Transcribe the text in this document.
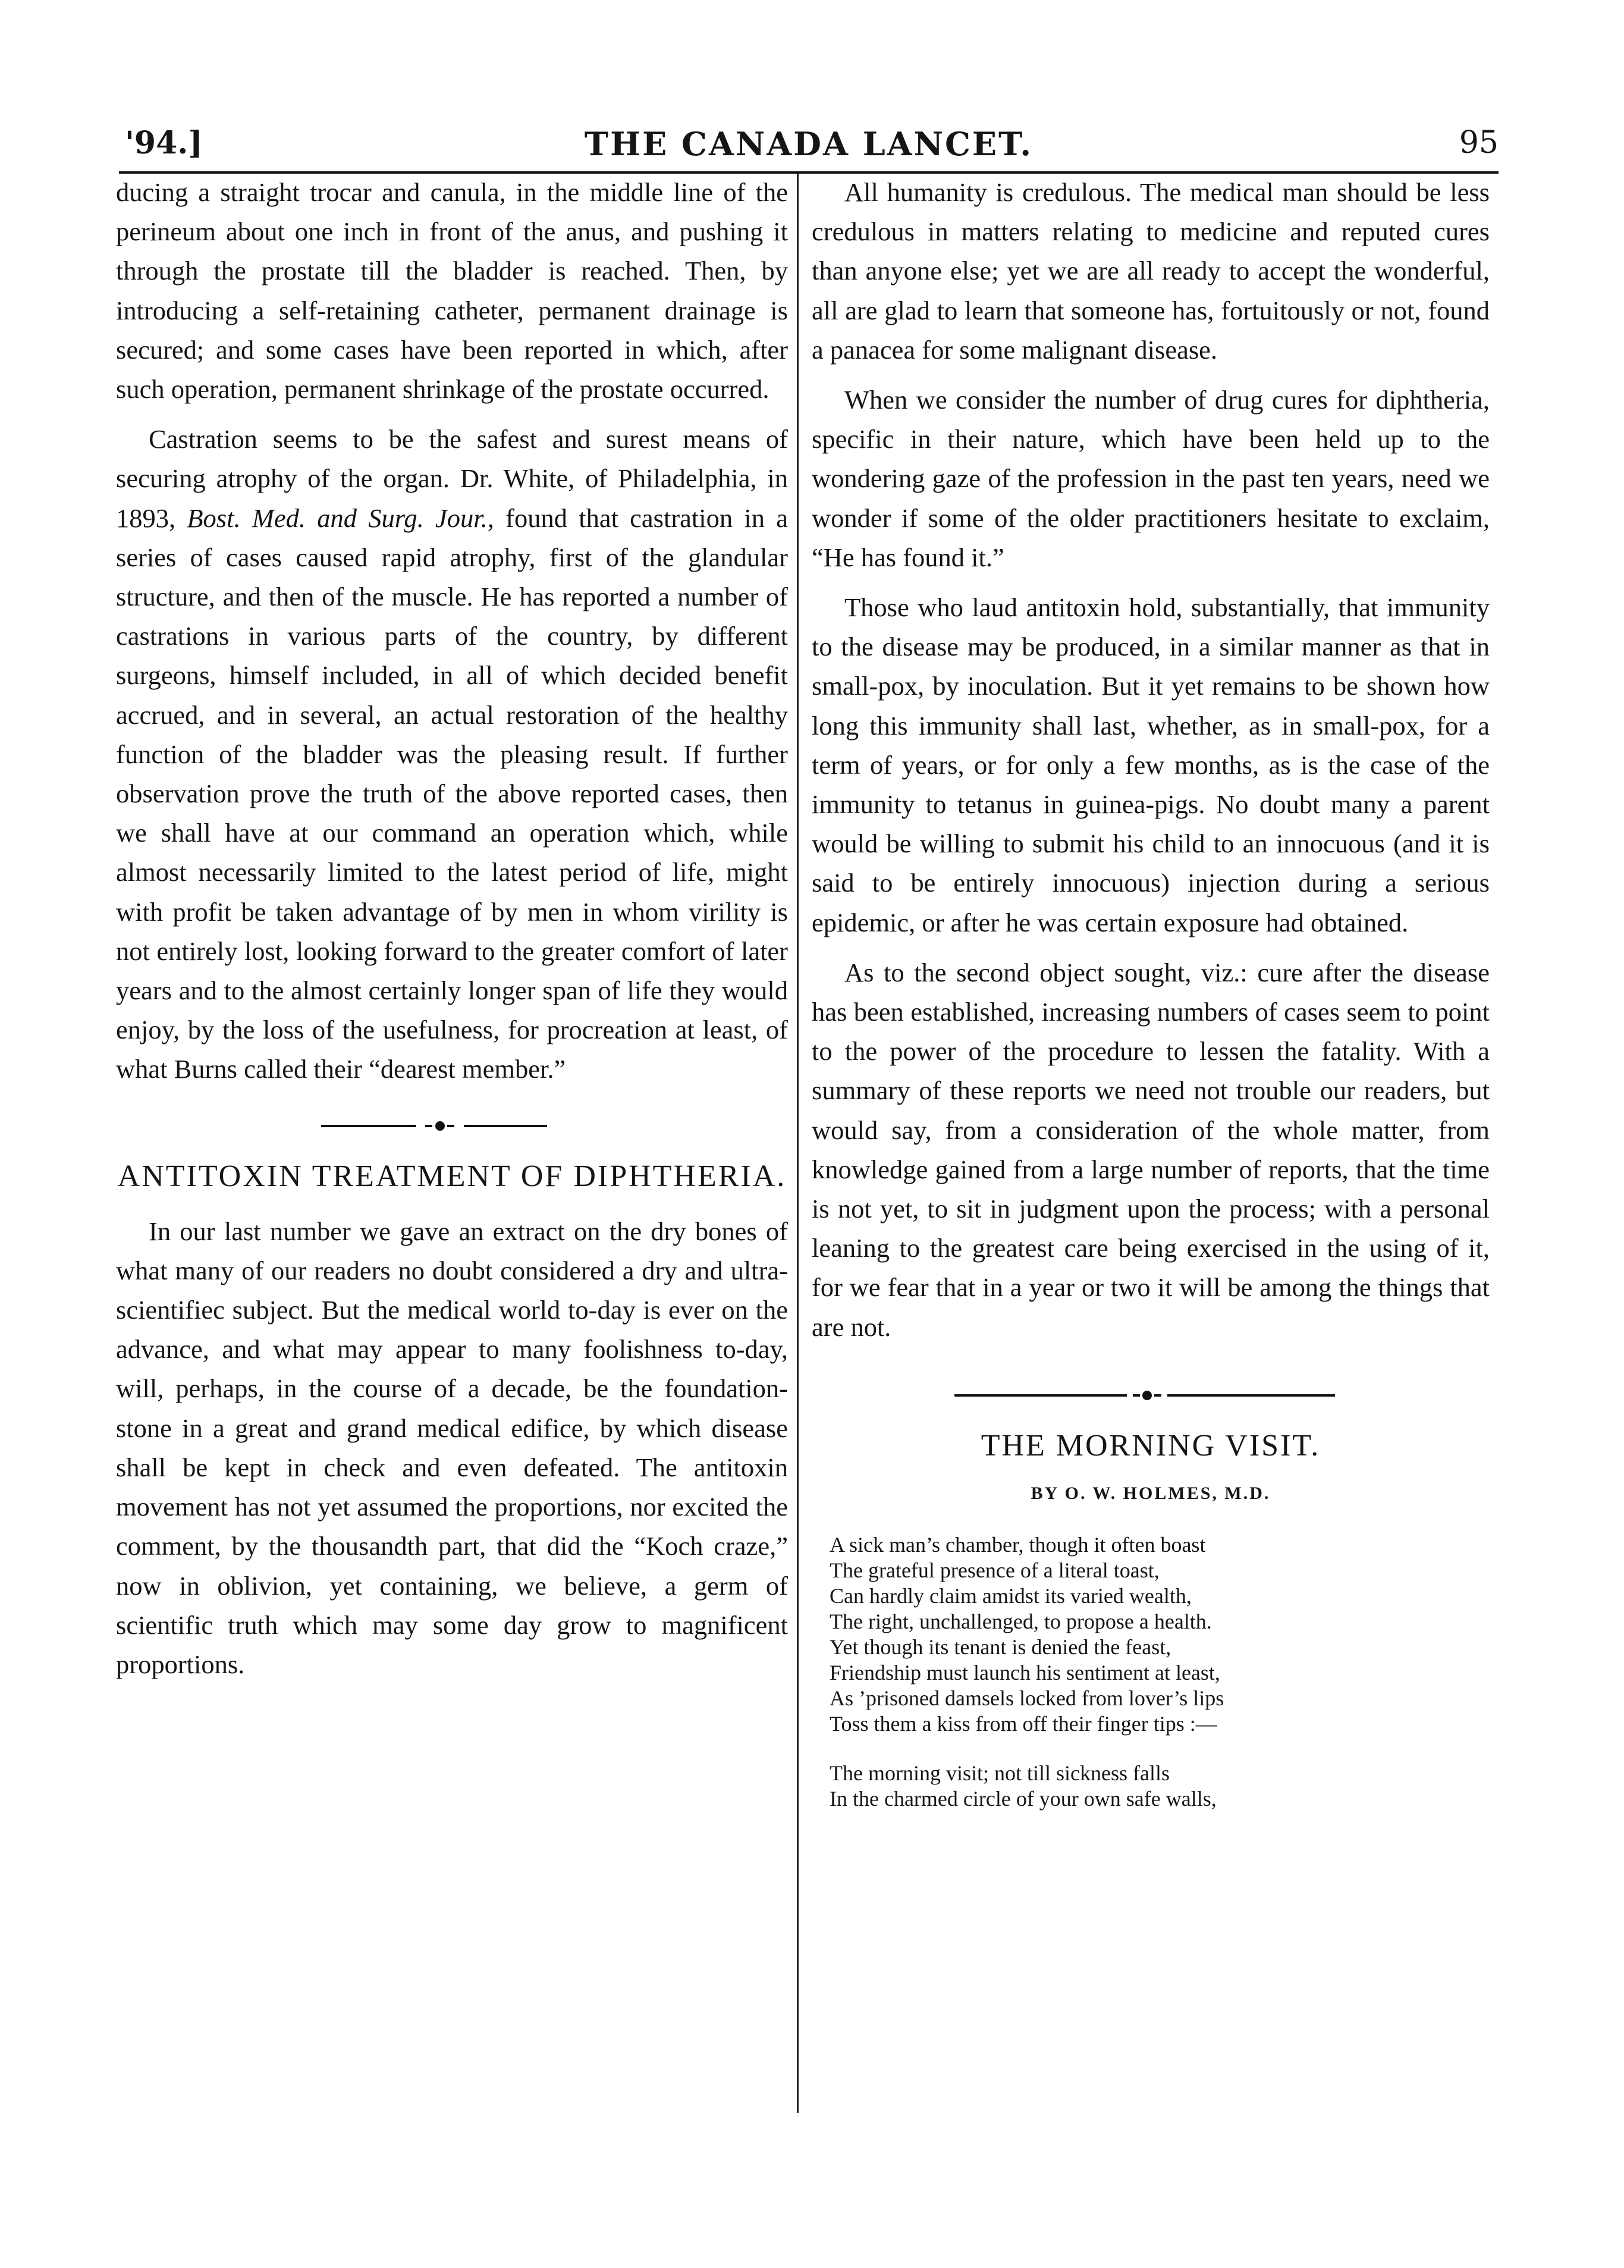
'94.]	THE CANADA LANCET.	95

ducing a straight trocar and canula, in the middle line of the perineum about one inch in front of the anus, and pushing it through the prostate till the bladder is reached. Then, by introducing a self-retaining catheter, permanent drainage is secured; and some cases have been reported in which, after such operation, permanent shrinkage of the prostate occurred.

Castration seems to be the safest and surest means of securing atrophy of the organ. Dr. White, of Philadelphia, in 1893, Bost. Med. and Surg. Jour., found that castration in a series of cases caused rapid atrophy, first of the glandular structure, and then of the muscle. He has reported a number of castrations in various parts of the country, by different surgeons, himself included, in all of which decided benefit accrued, and in several, an actual restoration of the healthy function of the bladder was the pleasing result. If further observation prove the truth of the above reported cases, then we shall have at our command an operation which, while almost necessarily limited to the latest period of life, might with profit be taken advantage of by men in whom virility is not entirely lost, looking forward to the greater comfort of later years and to the almost certainly longer span of life they would enjoy, by the loss of the usefulness, for procreation at least, of what Burns called their “dearest member.”

ANTITOXIN TREATMENT OF DIPHTHERIA.

In our last number we gave an extract on the dry bones of what many of our readers no doubt considered a dry and ultra-scientifiec subject. But the medical world to-day is ever on the advance, and what may appear to many foolishness to-day, will, perhaps, in the course of a decade, be the foundation-stone in a great and grand medical edifice, by which disease shall be kept in check and even defeated. The antitoxin movement has not yet assumed the proportions, nor excited the comment, by the thousandth part, that did the “Koch craze,” now in oblivion, yet containing, we believe, a germ of scientific truth which may some day grow to magnificent proportions.

All humanity is credulous. The medical man should be less credulous in matters relating to medicine and reputed cures than anyone else; yet we are all ready to accept the wonderful, all are glad to learn that someone has, fortuitously or not, found a panacea for some malignant disease.

When we consider the number of drug cures for diphtheria, specific in their nature, which have been held up to the wondering gaze of the profession in the past ten years, need we wonder if some of the older practitioners hesitate to exclaim, “He has found it.”

Those who laud antitoxin hold, substantially, that immunity to the disease may be produced, in a similar manner as that in small-pox, by inoculation. But it yet remains to be shown how long this immunity shall last, whether, as in small-pox, for a term of years, or for only a few months, as is the case of the immunity to tetanus in guinea-pigs. No doubt many a parent would be willing to submit his child to an innocuous (and it is said to be entirely innocuous) injection during a serious epidemic, or after he was certain exposure had obtained.

As to the second object sought, viz.: cure after the disease has been established, increasing numbers of cases seem to point to the power of the procedure to lessen the fatality. With a summary of these reports we need not trouble our readers, but would say, from a consideration of the whole matter, from knowledge gained from a large number of reports, that the time is not yet, to sit in judgment upon the process; with a personal leaning to the greatest care being exercised in the using of it, for we fear that in a year or two it will be among the things that are not.

THE MORNING VISIT.
BY O. W. HOLMES, M.D.
A sick man’s chamber, though it often boast
The grateful presence of a literal toast,
Can hardly claim amidst its varied wealth,
The right, unchallenged, to propose a health.
Yet though its tenant is denied the feast,
Friendship must launch his sentiment at least,
As ’prisoned damsels locked from lover’s lips
Toss them a kiss from off their finger tips :—
The morning visit; not till sickness falls
In the charmed circle of your own safe walls,
